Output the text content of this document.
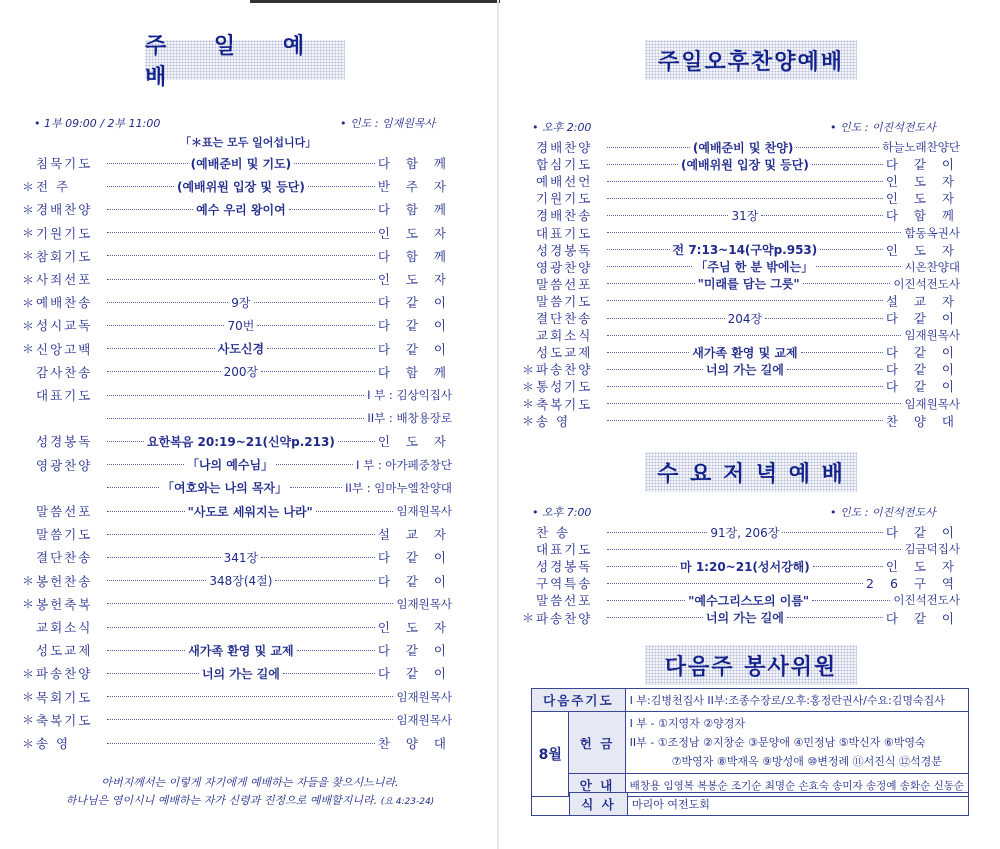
주 일 예 배
• 1부 09:00 / 2부 11:00	• 인도 : 임재원목사
「＊표는 모두 일어섭니다」
침묵기도	(예배준비 및 기도)	다 함 께
＊ 전 주	(예배위원 입장 및 등단)	반 주 자
＊ 경배찬양	예수 우리 왕이여	다 함 께
＊ 기원기도	인 도 자
＊ 참회기도	다 함 께
＊ 사죄선포	인 도 자
＊ 예배찬송	9장	다 같 이
＊ 성시교독	70번	다 같 이
＊ 신앙고백	사도신경	다 같 이
감사찬송	200장	다 함 께
대표기도	I 부 : 김상익집사
II부 : 배창용장로
성경봉독	요한복음 20:19~21(신약p.213)	인 도 자
영광찬양	「나의 예수님」	I 부 : 아가페중창단
「여호와는 나의 목자」	II부 : 임마누엘찬양대
말씀선포	"사도로 세워지는 나라"	임재원목사
말씀기도	설 교 자
결단찬송	341장	다 같 이
＊ 봉헌찬송	348장(4절)	다 같 이
＊ 봉헌축복	임재원목사
교회소식	인 도 자
성도교제	새가족 환영 및 교제	다 같 이
＊ 파송찬양	너의 가는 길에	다 같 이
＊ 목회기도	임재원목사
＊ 축복기도	임재원목사
＊ 송 영	찬 양 대
아버지께서는 이렇게 자기에게 예배하는 자들을 찾으시느니라.
하나님은 영이시니 예배하는 자가 신령과 진정으로 예배할지니라. (요 4:23-24)
주일오후찬양예배
• 오후 2:00	• 인도 : 이진석전도사
경배찬양	(예배준비 및 찬양)	하늘노래찬양단
합심기도	(예배위원 입장 및 등단)	다 같 이
예배선언	인 도 자
기원기도	인 도 자
경배찬송	31장	다 함 께
대표기도	함동옥권사
성경봉독	전 7:13~14(구약p.953)	인 도 자
영광찬양	「주님 한 분 밖에는」	시온찬양대
말씀선포	"미래를 담는 그릇"	이진석전도사
말씀기도	설 교 자
결단찬송	204장	다 같 이
교회소식	임재원목사
성도교제	새가족 환영 및 교제	다 같 이
＊ 파송찬양	너의 가는 길에	다 같 이
＊ 통성기도	다 같 이
＊ 축복기도	임재원목사
＊ 송 영	찬 양 대
수 요 저 녁 예 배
• 오후 7:00	• 인도 : 이진석전도사
찬 송	91장, 206장	다 같 이
대표기도	김금덕집사
성경봉독	마 1:20~21(성서강해)	인 도 자
구역특송	2 6 구 역
말씀선포	"예수그리스도의 이름"	이진석전도사
＊ 파송찬양	너의 가는 길에	다 같 이
다음주 봉사위원
다음주기도		I 부:김병천집사 II부:조종수장로/오후:홍정란권사/수요:김명숙집사
8월	헌 금	I 부 - ①지영자 ②양경자
II부 - ①조정남 ②지창순 ③문양애 ④민정남 ⑤박신자 ⑥박영숙
⑦박영자 ⑧박재옥 ⑨방성애 ⑩변정례 ⑪서진식 ⑫석경분

	안 내	배창용 임영복 복봉순 조기순 최명순 손효숙 송미자 송정예 송화순 신동순

	식 사	마리아 여전도회
